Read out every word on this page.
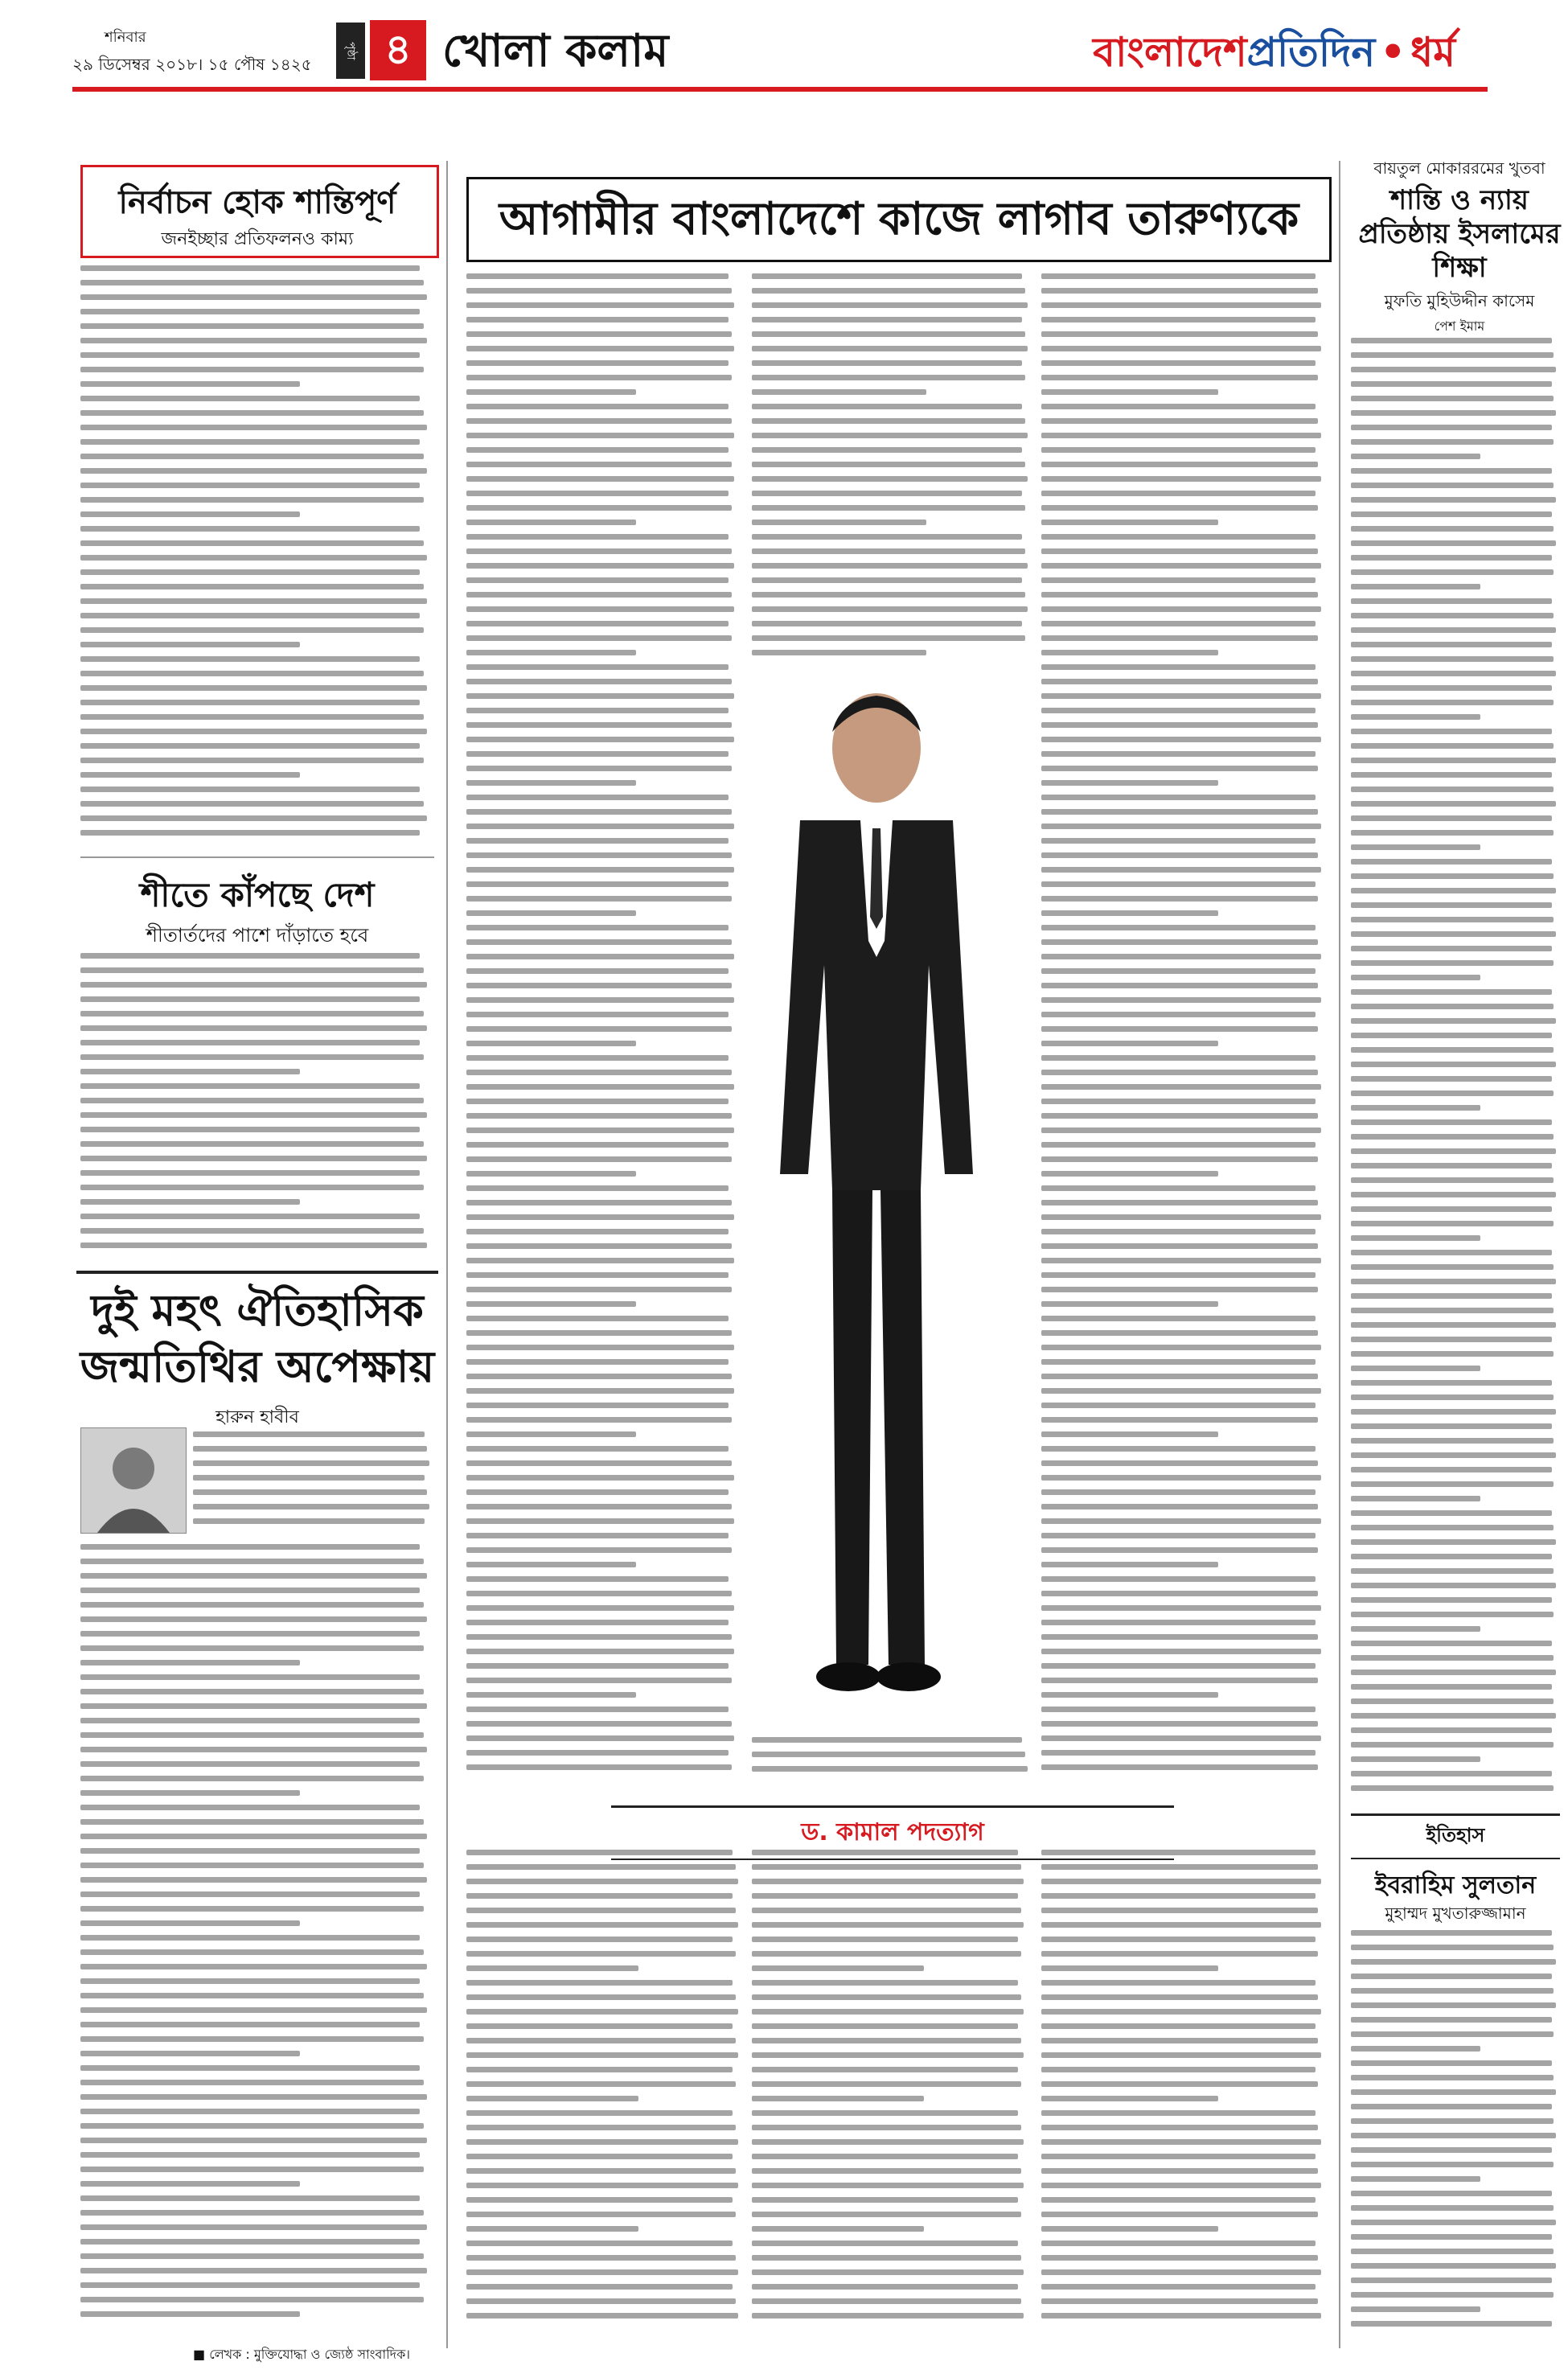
শনিবার
২৯ ডিসেম্বর ২০১৮। ১৫ পৌষ ১৪২৫
পৃষ্ঠা ৪ খোলা কলাম	বাংলাদেশপ্রতিদিন • ধর্ম
নির্বাচন হোক শান্তিপূর্ণ
জনইচ্ছার প্রতিফলনও কাম্য
শীতে কাঁপছে দেশ
শীতার্তদের পাশে দাঁড়াতে হবে
দুই মহৎ ঐতিহাসিক জন্মতিথির অপেক্ষায়
হারুন হাবীব
■ লেখক : মুক্তিযোদ্ধা ও জ্যেষ্ঠ সাংবাদিক।
আগামীর বাংলাদেশে কাজে লাগাব তারুণ্যকে
ড. কামাল পদত্যাগ
বায়তুল মোকাররমের খুতবা
শান্তি ও ন্যায় প্রতিষ্ঠায় ইসলামের শিক্ষা
মুফতি মুহিউদ্দীন কাসেম
পেশ ইমাম
ইতিহাস
ইবরাহিম সুলতান
মুহাম্মদ মুখতারুজ্জামান
